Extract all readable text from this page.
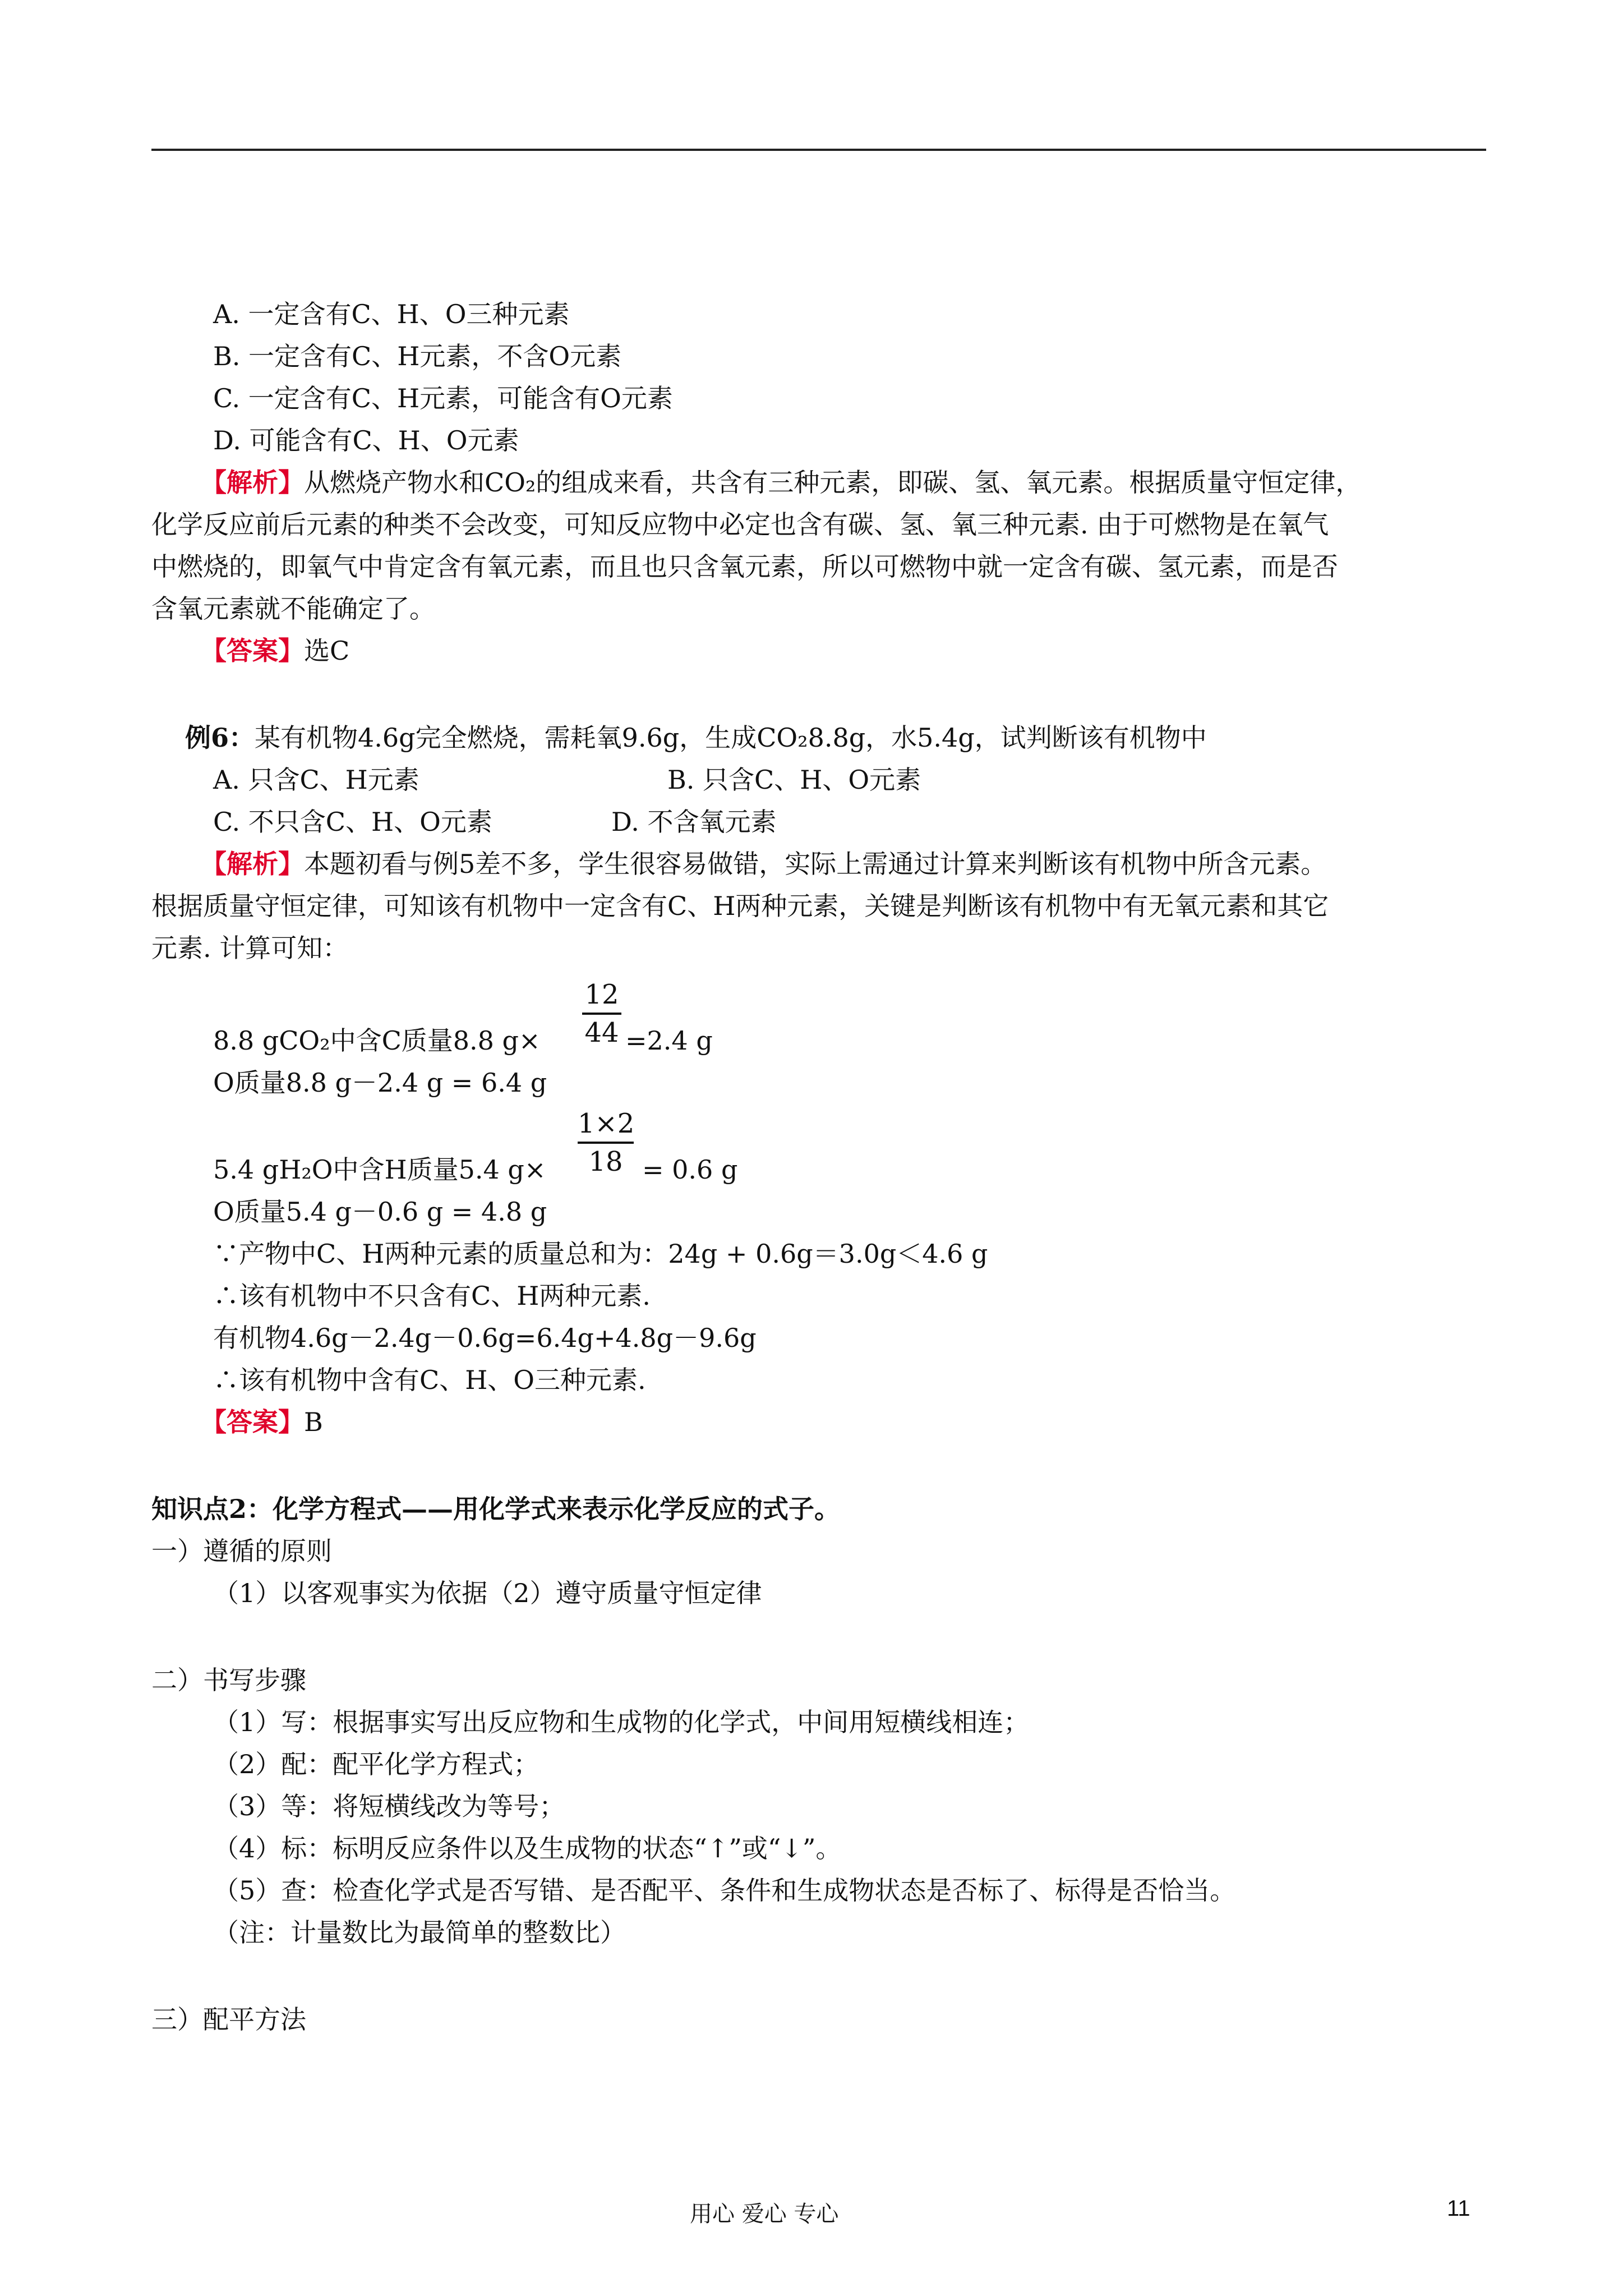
A. 一定含有C、H、O三种元素
B. 一定含有C、H元素，不含O元素
C. 一定含有C、H元素，可能含有O元素
D. 可能含有C、H、O元素
【解析】从燃烧产物水和CO₂的组成来看，共含有三种元素，即碳、氢、氧元素。根据质量守恒定律，
化学反应前后元素的种类不会改变，可知反应物中必定也含有碳、氢、氧三种元素. 由于可燃物是在氧气
中燃烧的，即氧气中肯定含有氧元素，而且也只含氧元素，所以可燃物中就一定含有碳、氢元素，而是否
含氧元素就不能确定了。
【答案】选C
例6：某有机物4.6g完全燃烧，需耗氧9.6g，生成CO₂8.8g，水5.4g，试判断该有机物中
A. 只含C、H元素	B. 只含C、H、O元素
C. 不只含C、H、O元素	D. 不含氧元素
【解析】本题初看与例5差不多，学生很容易做错，实际上需通过计算来判断该有机物中所含元素。
根据质量守恒定律，可知该有机物中一定含有C、H两种元素，关键是判断该有机物中有无氧元素和其它
元素. 计算可知：
12
44
8.8 gCO₂中含C质量8.8 g×	=2.4 g
O质量8.8 g－2.4 g = 6.4 g
1×2
18
5.4 gH₂O中含H质量5.4 g×	= 0.6 g
O质量5.4 g－0.6 g = 4.8 g
∵产物中C、H两种元素的质量总和为：24g + 0.6g＝3.0g＜4.6 g
∴该有机物中不只含有C、H两种元素.
有机物4.6g－2.4g－0.6g=6.4g+4.8g－9.6g
∴该有机物中含有C、H、O三种元素.
【答案】B
知识点2：化学方程式——用化学式来表示化学反应的式子。
一）遵循的原则
（1）以客观事实为依据（2）遵守质量守恒定律
二）书写步骤
（1）写：根据事实写出反应物和生成物的化学式，中间用短横线相连；
（2）配：配平化学方程式；
（3）等：将短横线改为等号；
（4）标：标明反应条件以及生成物的状态“↑”或“↓”。
（5）查：检查化学式是否写错、是否配平、条件和生成物状态是否标了、标得是否恰当。
（注：计量数比为最简单的整数比）
三）配平方法
用心 爱心 专心	11
